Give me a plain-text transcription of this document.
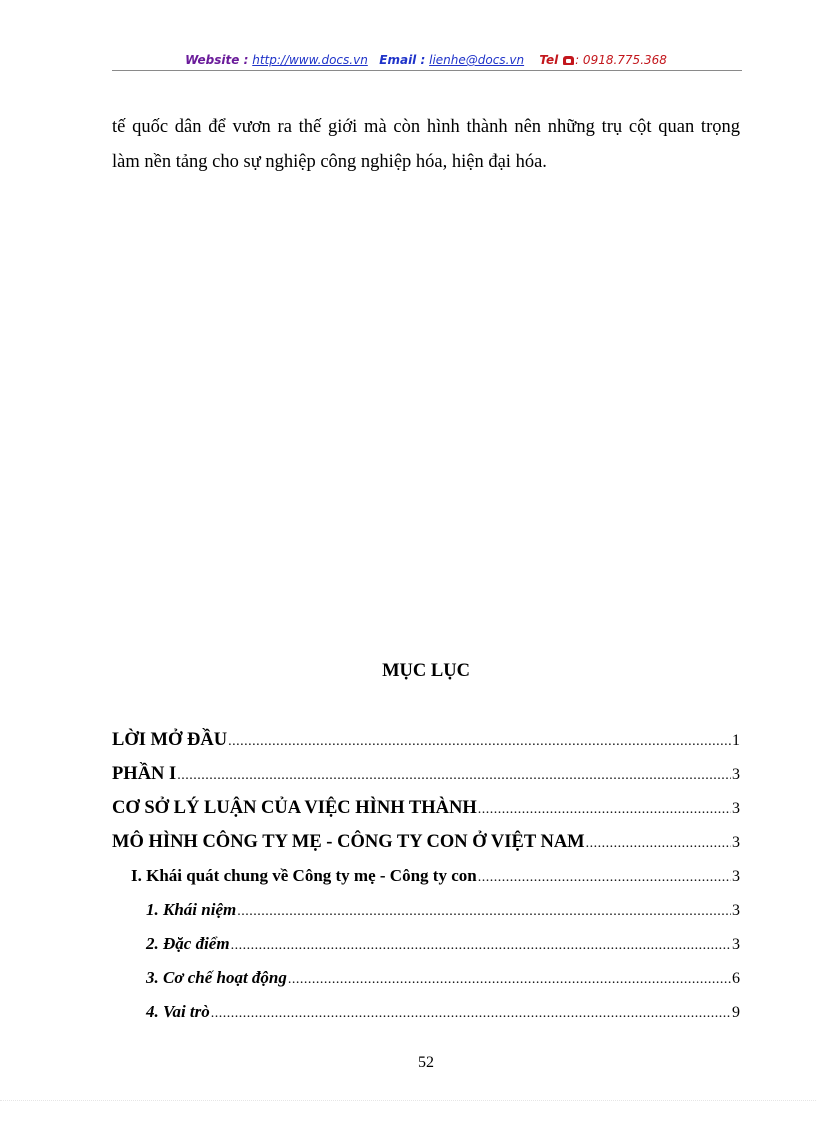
Website : http://www.docs.vn Email : lienhe@docs.vn Tel : 0918.775.368
tế quốc dân để vươn ra thế giới mà còn hình thành nên những trụ cột quan trọng
làm nền tảng cho sự nghiệp công nghiệp hóa, hiện đại hóa.
MỤC LỤC
LỜI MỞ ĐẦU .....	1
PHẦN I .....	3
CƠ SỞ LÝ LUẬN CỦA VIỆC HÌNH THÀNH .....	3
MÔ HÌNH CÔNG TY MẸ - CÔNG TY CON Ở VIỆT NAM .....	3
I. Khái quát chung về Công ty mẹ - Công ty con .....	3
1. Khái niệm .....	3
2. Đặc điểm .....	3
3. Cơ chế hoạt động .....	6
4. Vai trò .....	9
52
